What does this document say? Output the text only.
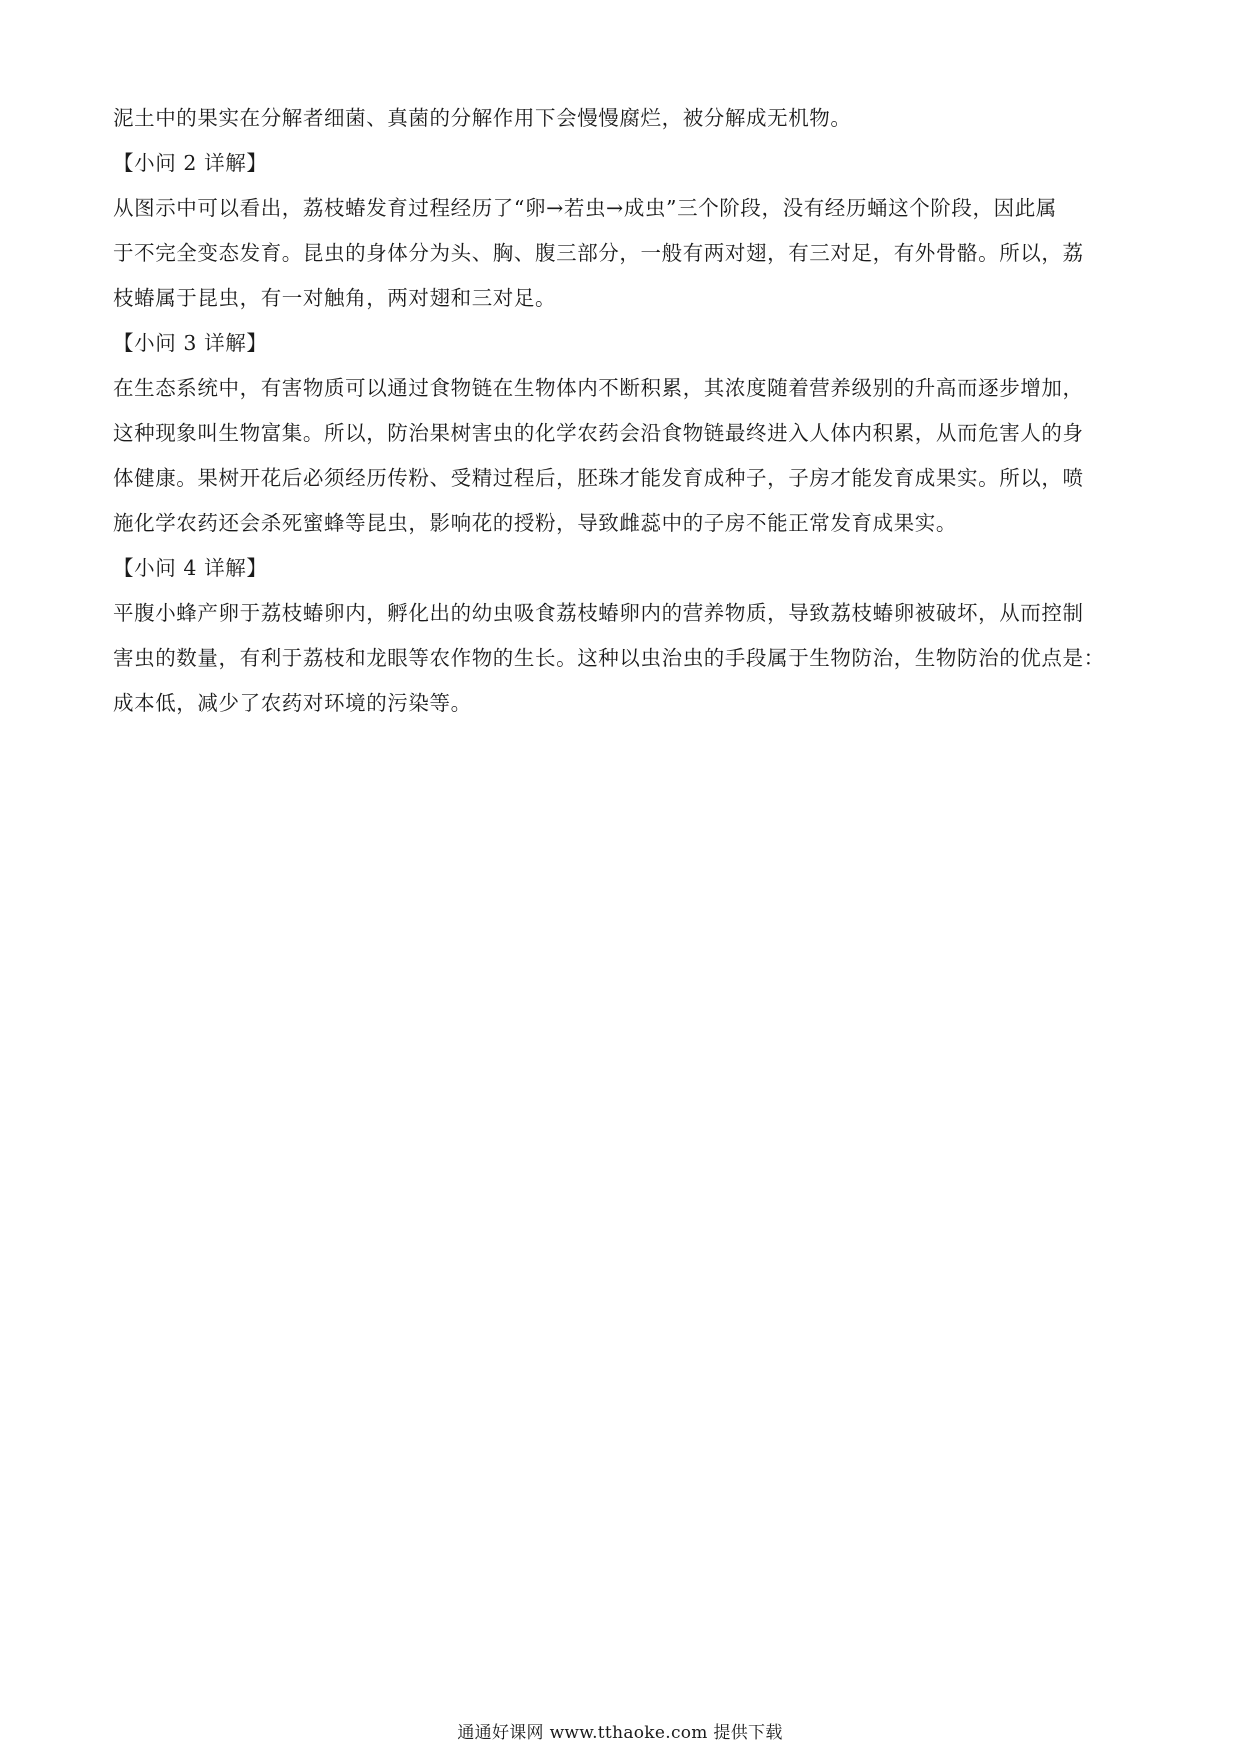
泥土中的果实在分解者细菌、真菌的分解作用下会慢慢腐烂，被分解成无机物。

【小问 2 详解】

从图示中可以看出，荔枝蝽发育过程经历了“卵→若虫→成虫”三个阶段，没有经历蛹这个阶段，因此属
于不完全变态发育。昆虫的身体分为头、胸、腹三部分，一般有两对翅，有三对足，有外骨骼。所以，荔
枝蝽属于昆虫，有一对触角，两对翅和三对足。

【小问 3 详解】

在生态系统中，有害物质可以通过食物链在生物体内不断积累，其浓度随着营养级别的升高而逐步增加，
这种现象叫生物富集。所以，防治果树害虫的化学农药会沿食物链最终进入人体内积累，从而危害人的身
体健康。果树开花后必须经历传粉、受精过程后，胚珠才能发育成种子，子房才能发育成果实。所以，喷
施化学农药还会杀死蜜蜂等昆虫，影响花的授粉，导致雌蕊中的子房不能正常发育成果实。

【小问 4 详解】

平腹小蜂产卵于荔枝蝽卵内，孵化出的幼虫吸食荔枝蝽卵内的营养物质，导致荔枝蝽卵被破坏，从而控制
害虫的数量，有利于荔枝和龙眼等农作物的生长。这种以虫治虫的手段属于生物防治，生物防治的优点是：
成本低，减少了农药对环境的污染等。

通通好课网 www.tthaoke.com 提供下载
